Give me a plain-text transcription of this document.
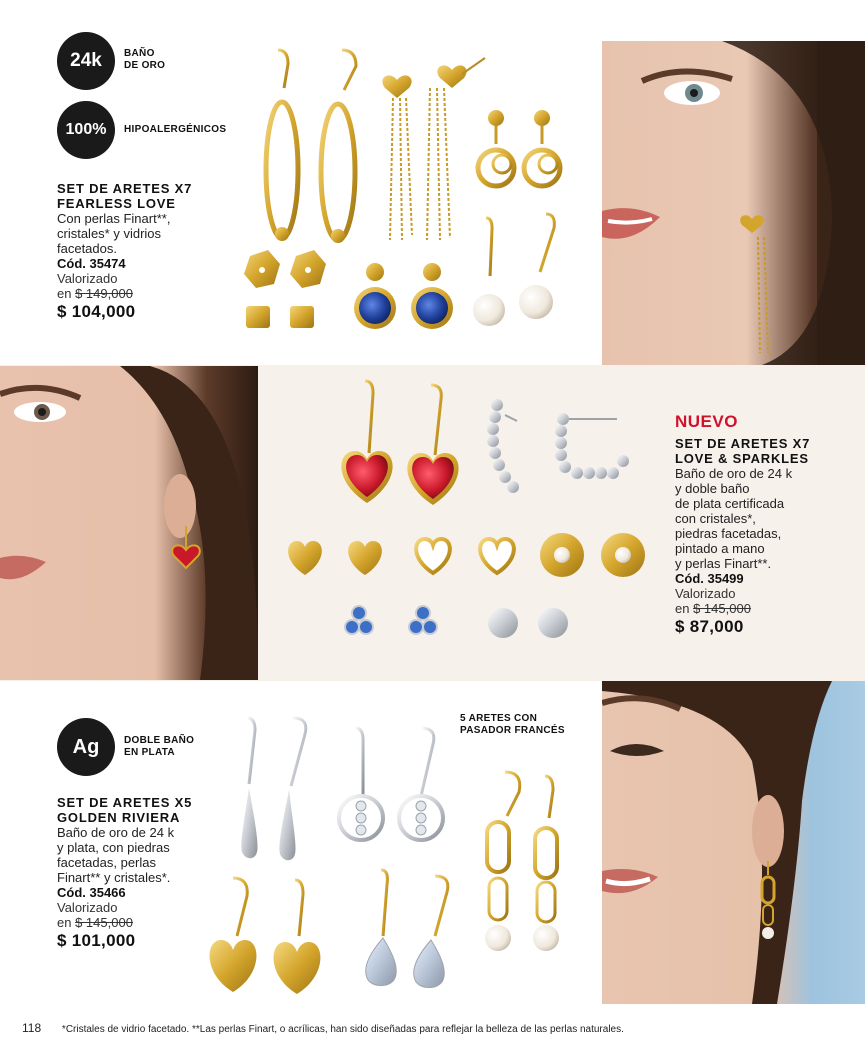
24k BAÑO
DE ORO
100% HIPOALERGÉNICOS
SET DE ARETES X7
FEARLESS LOVE
Con perlas Finart**,
cristales* y vidrios
facetados.
Cód. 35474
Valorizado
en $ 149,000
$ 104,000
NUEVO
SET DE ARETES X7
LOVE & SPARKLES
Baño de oro de 24 k
y doble baño
de plata certificada
con cristales*,
piedras facetadas,
pintado a mano
y perlas Finart**.
Cód. 35499
Valorizado
en $ 145,000
$ 87,000
Ag DOBLE BAÑO
EN PLATA
5 ARETES CON
PASADOR FRANCÉS
SET DE ARETES X5
GOLDEN RIVIERA
Baño de oro de 24 k
y plata, con piedras
facetadas, perlas
Finart** y cristales*.
Cód. 35466
Valorizado
en $ 145,000
$ 101,000
118 *Cristales de vidrio facetado. **Las perlas Finart, o acrílicas, han sido diseñadas para reflejar la belleza de las perlas naturales.
